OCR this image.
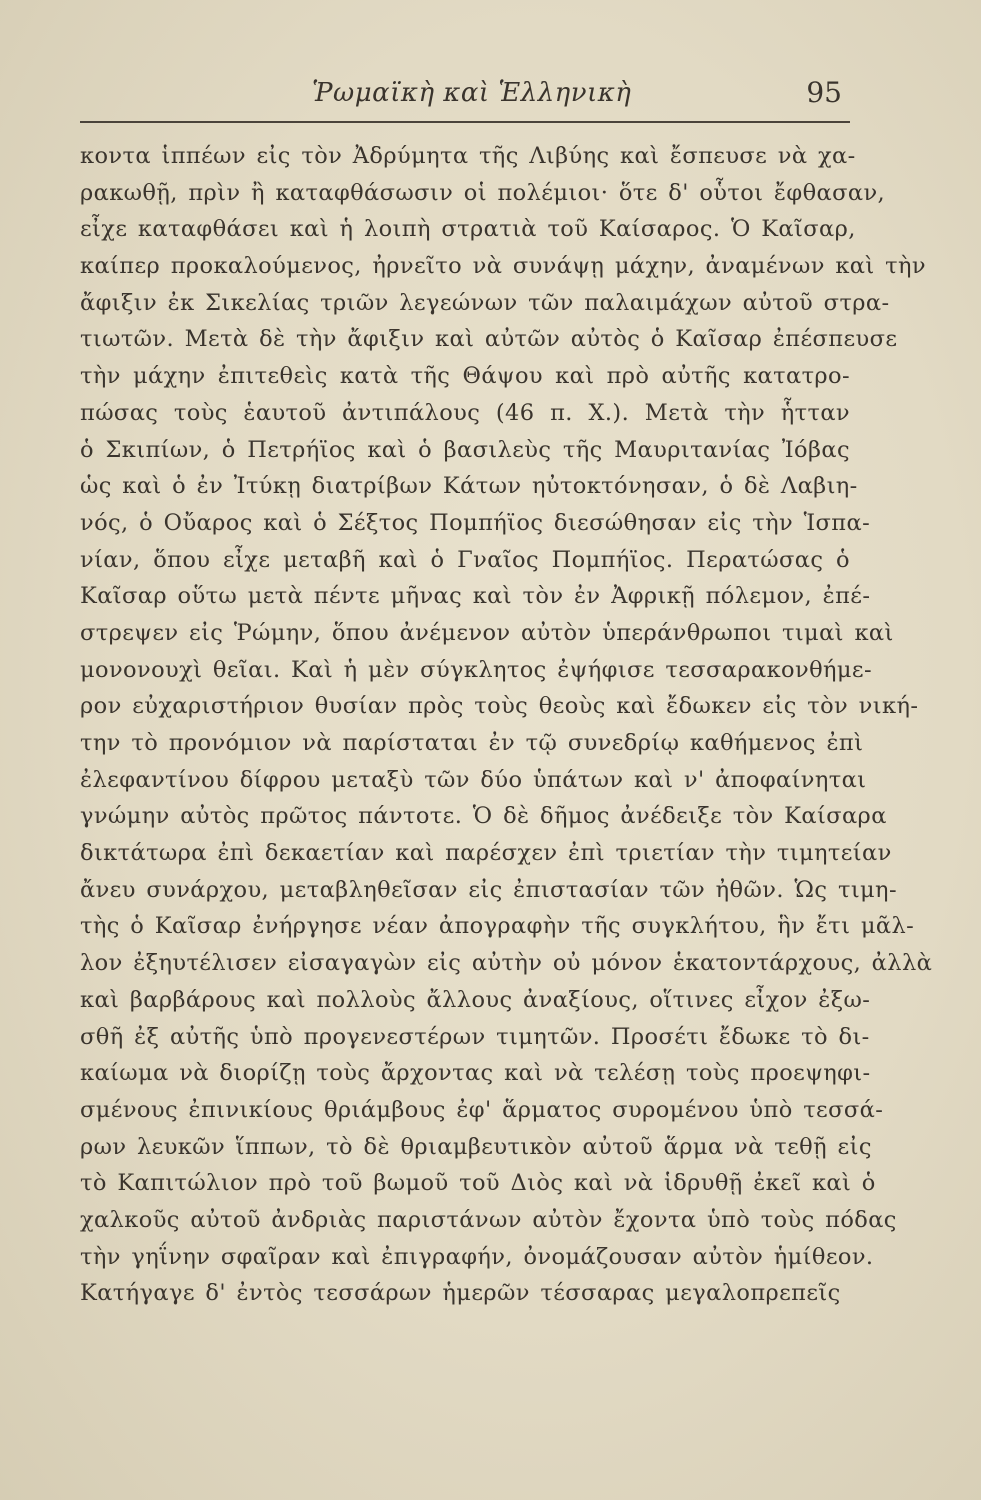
Ῥωμαϊκὴ καὶ Ἑλληνικὴ	95
κοντα ἱππέων εἰς τὸν Ἀδρύμητα τῆς Λιβύης καὶ ἔσπευσε νὰ χα-
ρακωθῇ, πρὶν ἢ καταφθάσωσιν οἱ πολέμιοι· ὅτε δ' οὗτοι ἔφθασαν,
εἶχε καταφθάσει καὶ ἡ λοιπὴ στρατιὰ τοῦ Καίσαρος. Ὁ Καῖσαρ,
καίπερ προκαλούμενος, ἠρνεῖτο νὰ συνάψῃ μάχην, ἀναμένων καὶ τὴν
ἄφιξιν ἐκ Σικελίας τριῶν λεγεώνων τῶν παλαιμάχων αὐτοῦ στρα-
τιωτῶν. Μετὰ δὲ τὴν ἄφιξιν καὶ αὐτῶν αὐτὸς ὁ Καῖσαρ ἐπέσπευσε
τὴν μάχην ἐπιτεθεὶς κατὰ τῆς Θάψου καὶ πρὸ αὐτῆς κατατρο-
πώσας τοὺς ἑαυτοῦ ἀντιπάλους (46 π. Χ.). Μετὰ τὴν ἧτταν
ὁ Σκιπίων, ὁ Πετρήϊος καὶ ὁ βασιλεὺς τῆς Μαυριτανίας Ἰόβας
ὡς καὶ ὁ ἐν Ἰτύκῃ διατρίβων Κάτων ηὐτοκτόνησαν, ὁ δὲ Λαβιη-
νός, ὁ Οὔαρος καὶ ὁ Σέξτος Πομπήϊος διεσώθησαν εἰς τὴν Ἱσπα-
νίαν, ὅπου εἶχε μεταβῆ καὶ ὁ Γναῖος Πομπήϊος. Περατώσας ὁ
Καῖσαρ οὕτω μετὰ πέντε μῆνας καὶ τὸν ἐν Ἀφρικῇ πόλεμον, ἐπέ-
στρεψεν εἰς Ῥώμην, ὅπου ἀνέμενον αὐτὸν ὑπεράνθρωποι τιμαὶ καὶ
μονονουχὶ θεῖαι. Καὶ ἡ μὲν σύγκλητος ἐψήφισε τεσσαρακονθήμε-
ρον εὐχαριστήριον θυσίαν πρὸς τοὺς θεοὺς καὶ ἔδωκεν εἰς τὸν νική-
την τὸ προνόμιον νὰ παρίσταται ἐν τῷ συνεδρίῳ καθήμενος ἐπὶ
ἐλεφαντίνου δίφρου μεταξὺ τῶν δύο ὑπάτων καὶ ν' ἀποφαίνηται
γνώμην αὐτὸς πρῶτος πάντοτε. Ὁ δὲ δῆμος ἀνέδειξε τὸν Καίσαρα
δικτάτωρα ἐπὶ δεκαετίαν καὶ παρέσχεν ἐπὶ τριετίαν τὴν τιμητείαν
ἄνευ συνάρχου, μεταβληθεῖσαν εἰς ἐπιστασίαν τῶν ἠθῶν. Ὡς τιμη-
τὴς ὁ Καῖσαρ ἐνήργησε νέαν ἀπογραφὴν τῆς συγκλήτου, ἣν ἔτι μᾶλ-
λον ἐξηυτέλισεν εἰσαγαγὼν εἰς αὐτὴν οὐ μόνον ἑκατοντάρχους, ἀλλὰ
καὶ βαρβάρους καὶ πολλοὺς ἄλλους ἀναξίους, οἵτινες εἶχον ἐξω-
σθῆ ἐξ αὐτῆς ὑπὸ προγενεστέρων τιμητῶν. Προσέτι ἔδωκε τὸ δι-
καίωμα νὰ διορίζῃ τοὺς ἄρχοντας καὶ νὰ τελέσῃ τοὺς προεψηφι-
σμένους ἐπινικίους θριάμβους ἐφ' ἅρματος συρομένου ὑπὸ τεσσά-
ρων λευκῶν ἵππων, τὸ δὲ θριαμβευτικὸν αὐτοῦ ἅρμα νὰ τεθῇ εἰς
τὸ Καπιτώλιον πρὸ τοῦ βωμοῦ τοῦ Διὸς καὶ νὰ ἱδρυθῇ ἐκεῖ καὶ ὁ
χαλκοῦς αὐτοῦ ἀνδριὰς παριστάνων αὐτὸν ἔχοντα ὑπὸ τοὺς πόδας
τὴν γηΐνην σφαῖραν καὶ ἐπιγραφήν, ὀνομάζουσαν αὐτὸν ἡμίθεον.
Κατήγαγε δ' ἐντὸς τεσσάρων ἡμερῶν τέσσαρας μεγαλοπρεπεῖς
